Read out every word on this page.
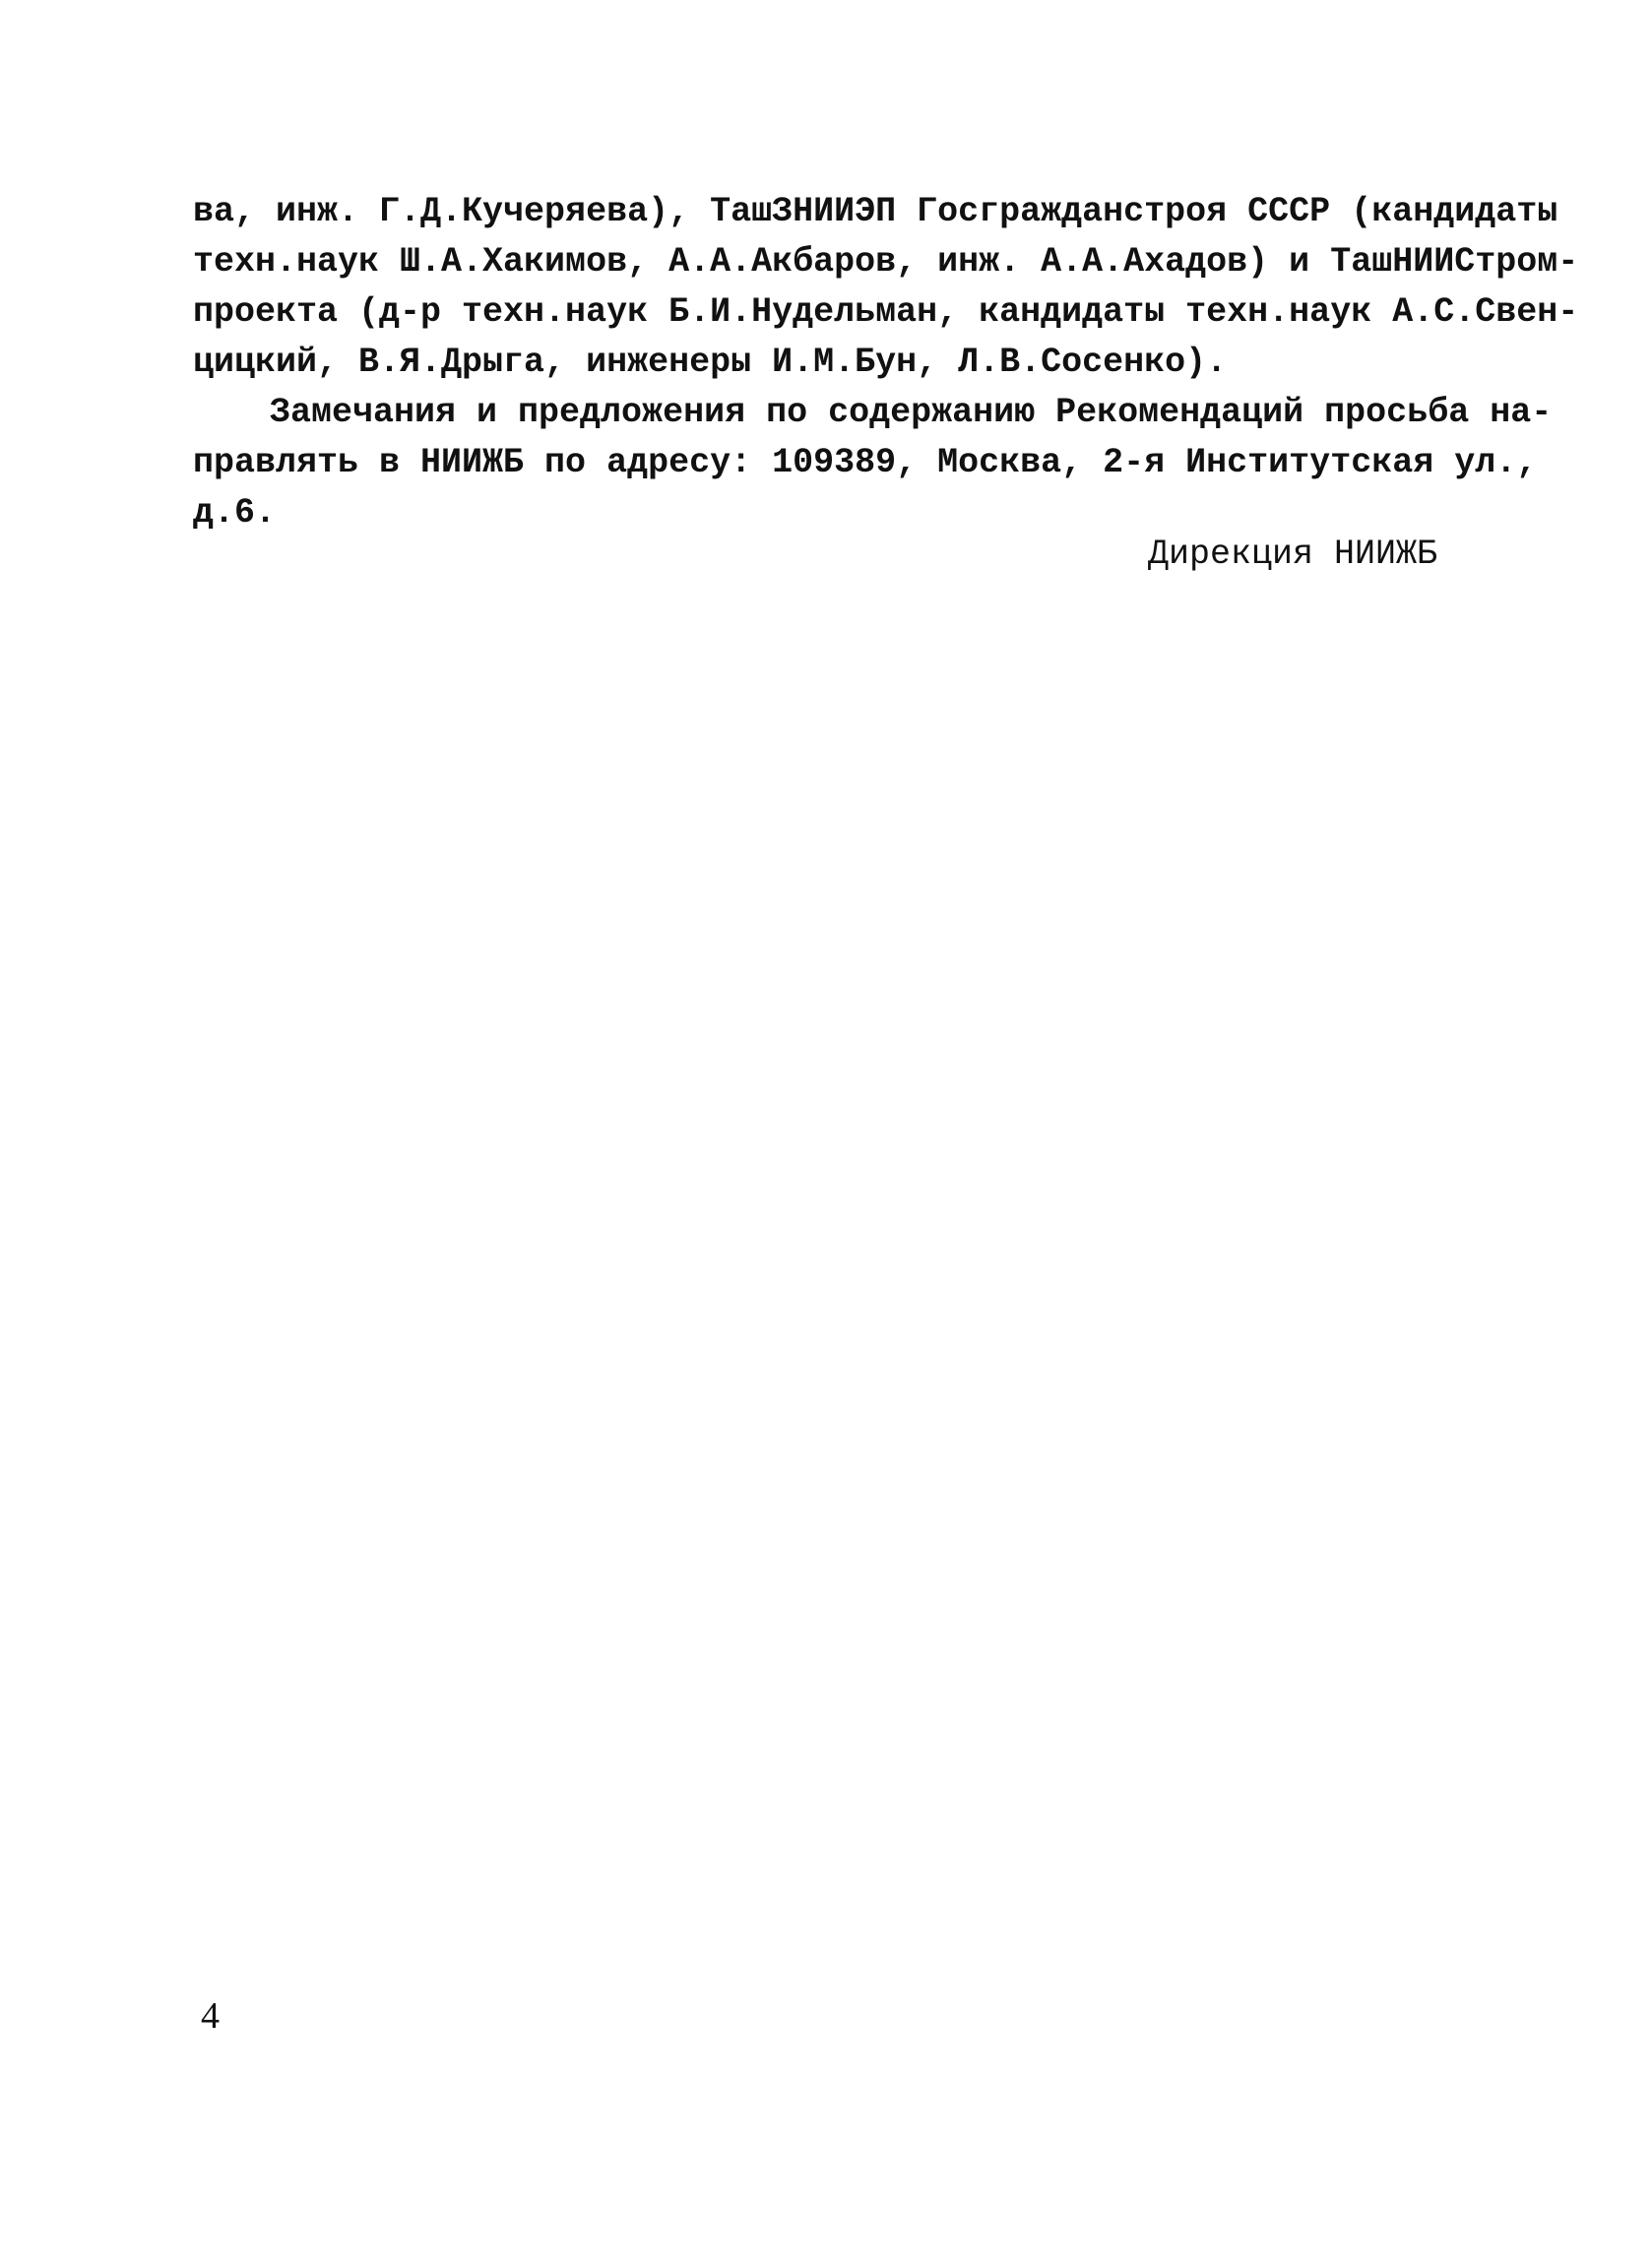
ва, инж. Г.Д.Кучеряева), ТашЗНИИЭП Госгражданстроя СССР (кандидаты
техн.наук Ш.А.Хакимов, А.А.Акбаров, инж. А.А.Ахадов) и ТашНИИСтром-
проекта (д-р техн.наук Б.И.Нудельман, кандидаты техн.наук А.С.Свен-
цицкий, В.Я.Дрыга, инженеры И.М.Бун, Л.В.Сосенко).
Замечания и предложения по содержанию Рекомендаций просьба на-
правлять в НИИЖБ по адресу: 109389, Москва, 2-я Институтская ул.,
д.6.
Дирекция НИИЖБ
4
